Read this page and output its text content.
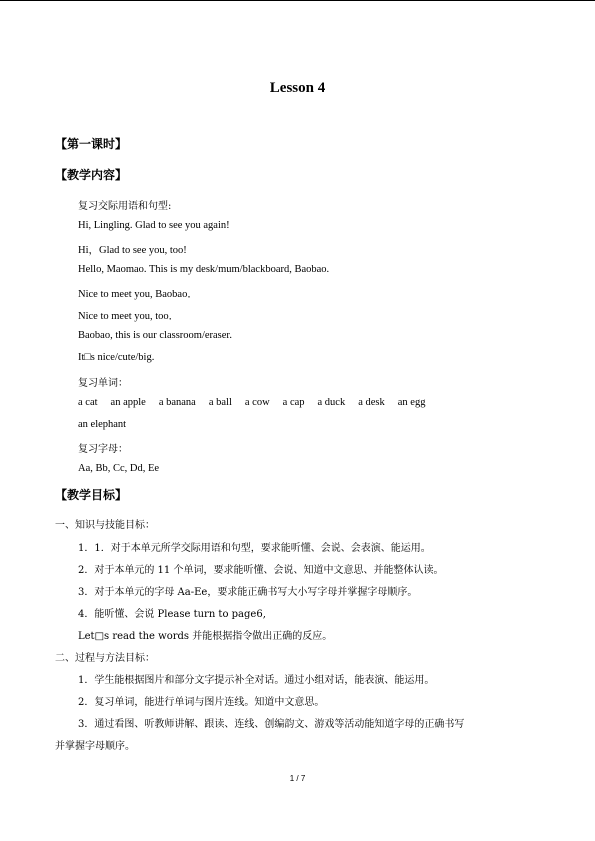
Lesson 4
【第一课时】
【教学内容】
复习交际用语和句型:
Hi, Lingling. Glad to see you again!
Hi，Glad to see you, too!
Hello, Maomao. This is my desk/mum/blackboard, Baobao.
Nice to meet you, Baobao．
Nice to meet you, too．
Baobao, this is our classroom/eraser.
It□s nice/cute/big.
复习单词：
a cat an apple a banana a ball a cow a cap a duck a desk an egg
an elephant
复习字母：
Aa, Bb, Cc, Dd, Ee
【教学目标】
一、知识与技能目标：
1．1．对于本单元所学交际用语和句型，要求能听懂、会说、会表演、能运用。
2．对于本单元的 11 个单词，要求能听懂、会说、知道中文意思、并能整体认读。
3．对于本单元的字母 Aa-Ee，要求能正确书写大小写字母并掌握字母顺序。
4．能听懂、会说 Please turn to page6,
Let□s read the words 并能根据指令做出正确的反应。
二、过程与方法目标：
1．学生能根据图片和部分文字提示补全对话。通过小组对话，能表演、能运用。
2．复习单词，能进行单词与图片连线。知道中文意思。
3．通过看图、听教师讲解、跟读、连线、创编韵文、游戏等活动能知道字母的正确书写
并掌握字母顺序。
1 / 7
